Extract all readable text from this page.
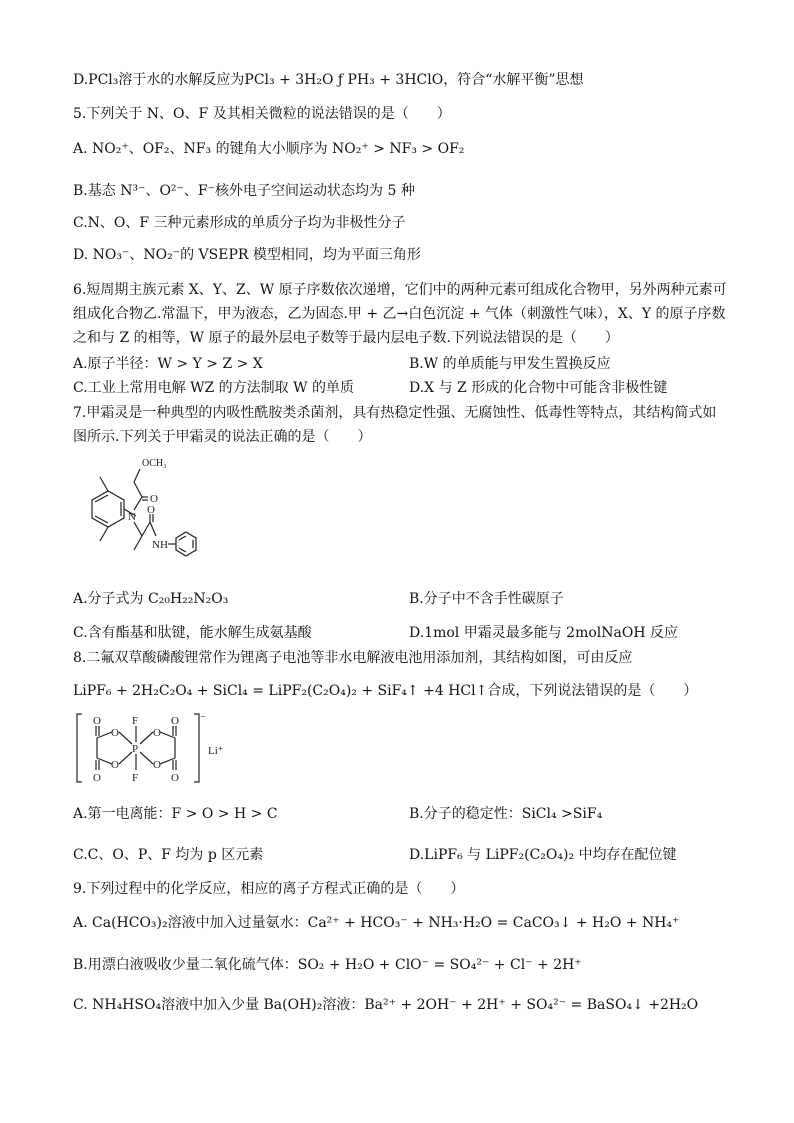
D.PCl₃溶于水的水解反应为PCl₃ + 3H₂O ƒ PH₃ + 3HClO，符合“水解平衡”思想
5.下列关于 N、O、F 及其相关微粒的说法错误的是（　　）
A. NO₂⁺、OF₂、NF₃ 的键角大小顺序为 NO₂⁺ > NF₃ > OF₂
B.基态 N³⁻、O²⁻、F⁻核外电子空间运动状态均为 5 种
C.N、O、F 三种元素形成的单质分子均为非极性分子
D. NO₃⁻、NO₂⁻的 VSEPR 模型相同，均为平面三角形
6.短周期主族元素 X、Y、Z、W 原子序数依次递增，它们中的两种元素可组成化合物甲，另外两种元素可
组成化合物乙.常温下，甲为液态，乙为固态.甲 + 乙→白色沉淀 + 气体（刺激性气味），X、Y 的原子序数
之和与 Z 的相等，W 原子的最外层电子数等于最内层电子数.下列说法错误的是（　　）
A.原子半径：W > Y > Z > X	B.W 的单质能与甲发生置换反应
C.工业上常用电解 WZ 的方法制取 W 的单质	D.X 与 Z 形成的化合物中可能含非极性键
7.甲霜灵是一种典型的内吸性酰胺类杀菌剂，具有热稳定性强、无腐蚀性、低毒性等特点，其结构简式如
图所示.下列关于甲霜灵的说法正确的是（　　）
OCH₃
O
N
O
NH
A.分子式为 C₂₀H₂₂N₂O₃	B.分子中不含手性碳原子
C.含有酯基和肽键，能水解生成氨基酸	D.1mol 甲霜灵最多能与 2molNaOH 反应
8.二氟双草酸磷酸锂常作为锂离子电池等非水电解液电池用添加剂，其结构如图，可由反应
LiPF₆ + 2H₂C₂O₄ + SiCl₄ = LiPF₂(C₂O₄)₂ + SiF₄↑ +4 HCl↑合成，下列说法错误的是（　　）
O
O
O
O
F
P
F
O
O
O
O
⁻
Li⁺
A.第一电离能：F > O > H > C	B.分子的稳定性：SiCl₄ >SiF₄
C.C、O、P、F 均为 p 区元素	D.LiPF₆ 与 LiPF₂(C₂O₄)₂ 中均存在配位键
9.下列过程中的化学反应，相应的离子方程式正确的是（　　）
A. Ca(HCO₃)₂溶液中加入过量氨水：Ca²⁺ + HCO₃⁻ + NH₃·H₂O = CaCO₃↓ + H₂O + NH₄⁺
B.用漂白液吸收少量二氧化硫气体：SO₂ + H₂O + ClO⁻ = SO₄²⁻ + Cl⁻ + 2H⁺
C. NH₄HSO₄溶液中加入少量 Ba(OH)₂溶液：Ba²⁺ + 2OH⁻ + 2H⁺ + SO₄²⁻ = BaSO₄↓ +2H₂O
